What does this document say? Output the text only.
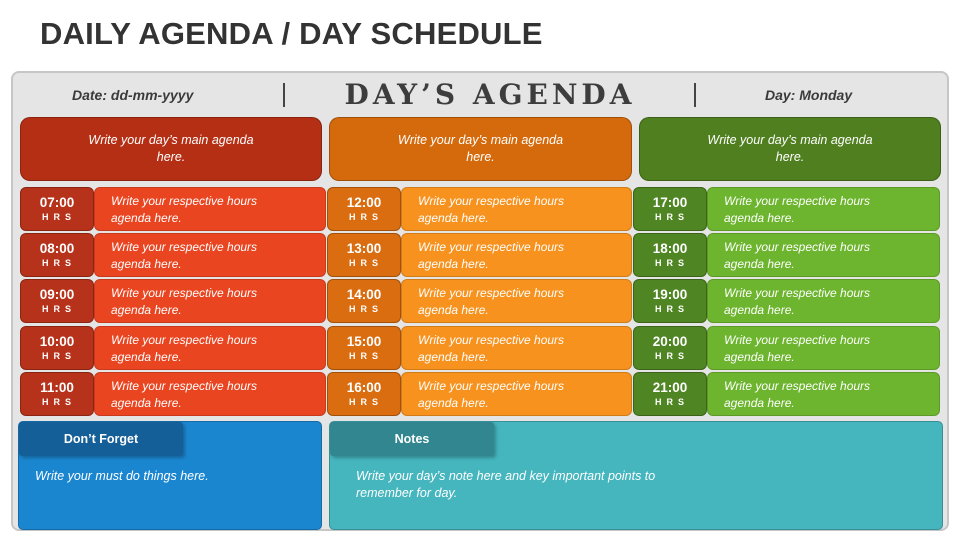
DAILY AGENDA / DAY SCHEDULE
Date: dd-mm-yyyy	DAY’S AGENDA	Day: Monday
Write your day’s main agenda here.
Write your day’s main agenda here.
Write your day’s main agenda here.
07:00
HRS
Write your respective hours agenda here.
08:00
HRS
Write your respective hours agenda here.
09:00
HRS
Write your respective hours agenda here.
10:00
HRS
Write your respective hours agenda here.
11:00
HRS
Write your respective hours agenda here.
12:00
HRS
Write your respective hours agenda here.
13:00
HRS
Write your respective hours agenda here.
14:00
HRS
Write your respective hours agenda here.
15:00
HRS
Write your respective hours agenda here.
16:00
HRS
Write your respective hours agenda here.
17:00
HRS
Write your respective hours agenda here.
18:00
HRS
Write your respective hours agenda here.
19:00
HRS
Write your respective hours agenda here.
20:00
HRS
Write your respective hours agenda here.
21:00
HRS
Write your respective hours agenda here.
Don’t Forget
Write your must do things here.
Notes
Write your day’s note here and key important points to remember for day.
